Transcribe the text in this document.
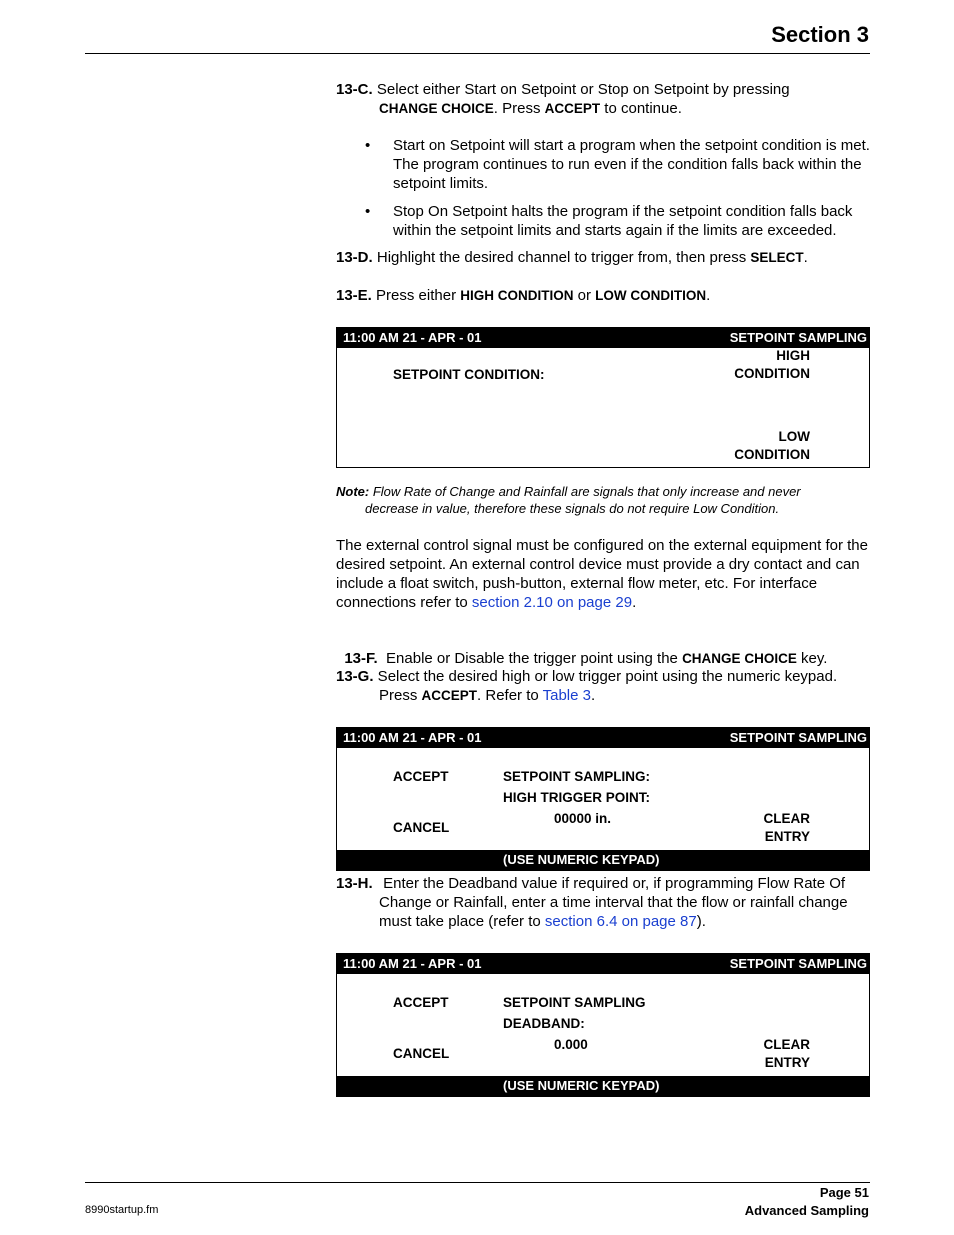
Section 3
13-C. Select either Start on Setpoint or Stop on Setpoint by pressing
CHANGE CHOICE. Press ACCEPT to continue.
• Start on Setpoint will start a program when the setpoint condition is met. The program continues to run even if the condition falls back within the setpoint limits.
• Stop On Setpoint halts the program if the setpoint condition falls back within the setpoint limits and starts again if the limits are exceeded.
13-D. Highlight the desired channel to trigger from, then press SELECT.
13-E. Press either HIGH CONDITION or LOW CONDITION.
11:00 AM 21 - APR - 01	SETPOINT SAMPLING
SETPOINT CONDITION:
HIGH
CONDITION
LOW
CONDITION
Note: Flow Rate of Change and Rainfall are signals that only increase and never
decrease in value, therefore these signals do not require Low Condition.
The external control signal must be configured on the external equipment for the desired setpoint. An external control device must provide a dry contact and can include a float switch, push-button, external flow meter, etc. For interface connections refer to section 2.10 on page 29.

13-F.  Enable or Disable the trigger point using the CHANGE CHOICE key.

13-G. Select the desired high or low trigger point using the numeric keypad.
Press ACCEPT. Refer to Table 3.
11:00 AM 21 - APR - 01	SETPOINT SAMPLING
ACCEPT	SETPOINT SAMPLING:
HIGH TRIGGER POINT:
00000 in.
CANCEL
CLEAR
ENTRY
(USE NUMERIC KEYPAD)
13-H. Enter the Deadband value if required or, if programming Flow Rate Of Change or Rainfall, enter a time interval that the flow or rainfall change must take place (refer to section 6.4 on page 87).
11:00 AM 21 - APR - 01	SETPOINT SAMPLING
ACCEPT	SETPOINT SAMPLING
DEADBAND:
0.000
CANCEL
CLEAR
ENTRY
(USE NUMERIC KEYPAD)
Page 51
Advanced Sampling
8990startup.fm
